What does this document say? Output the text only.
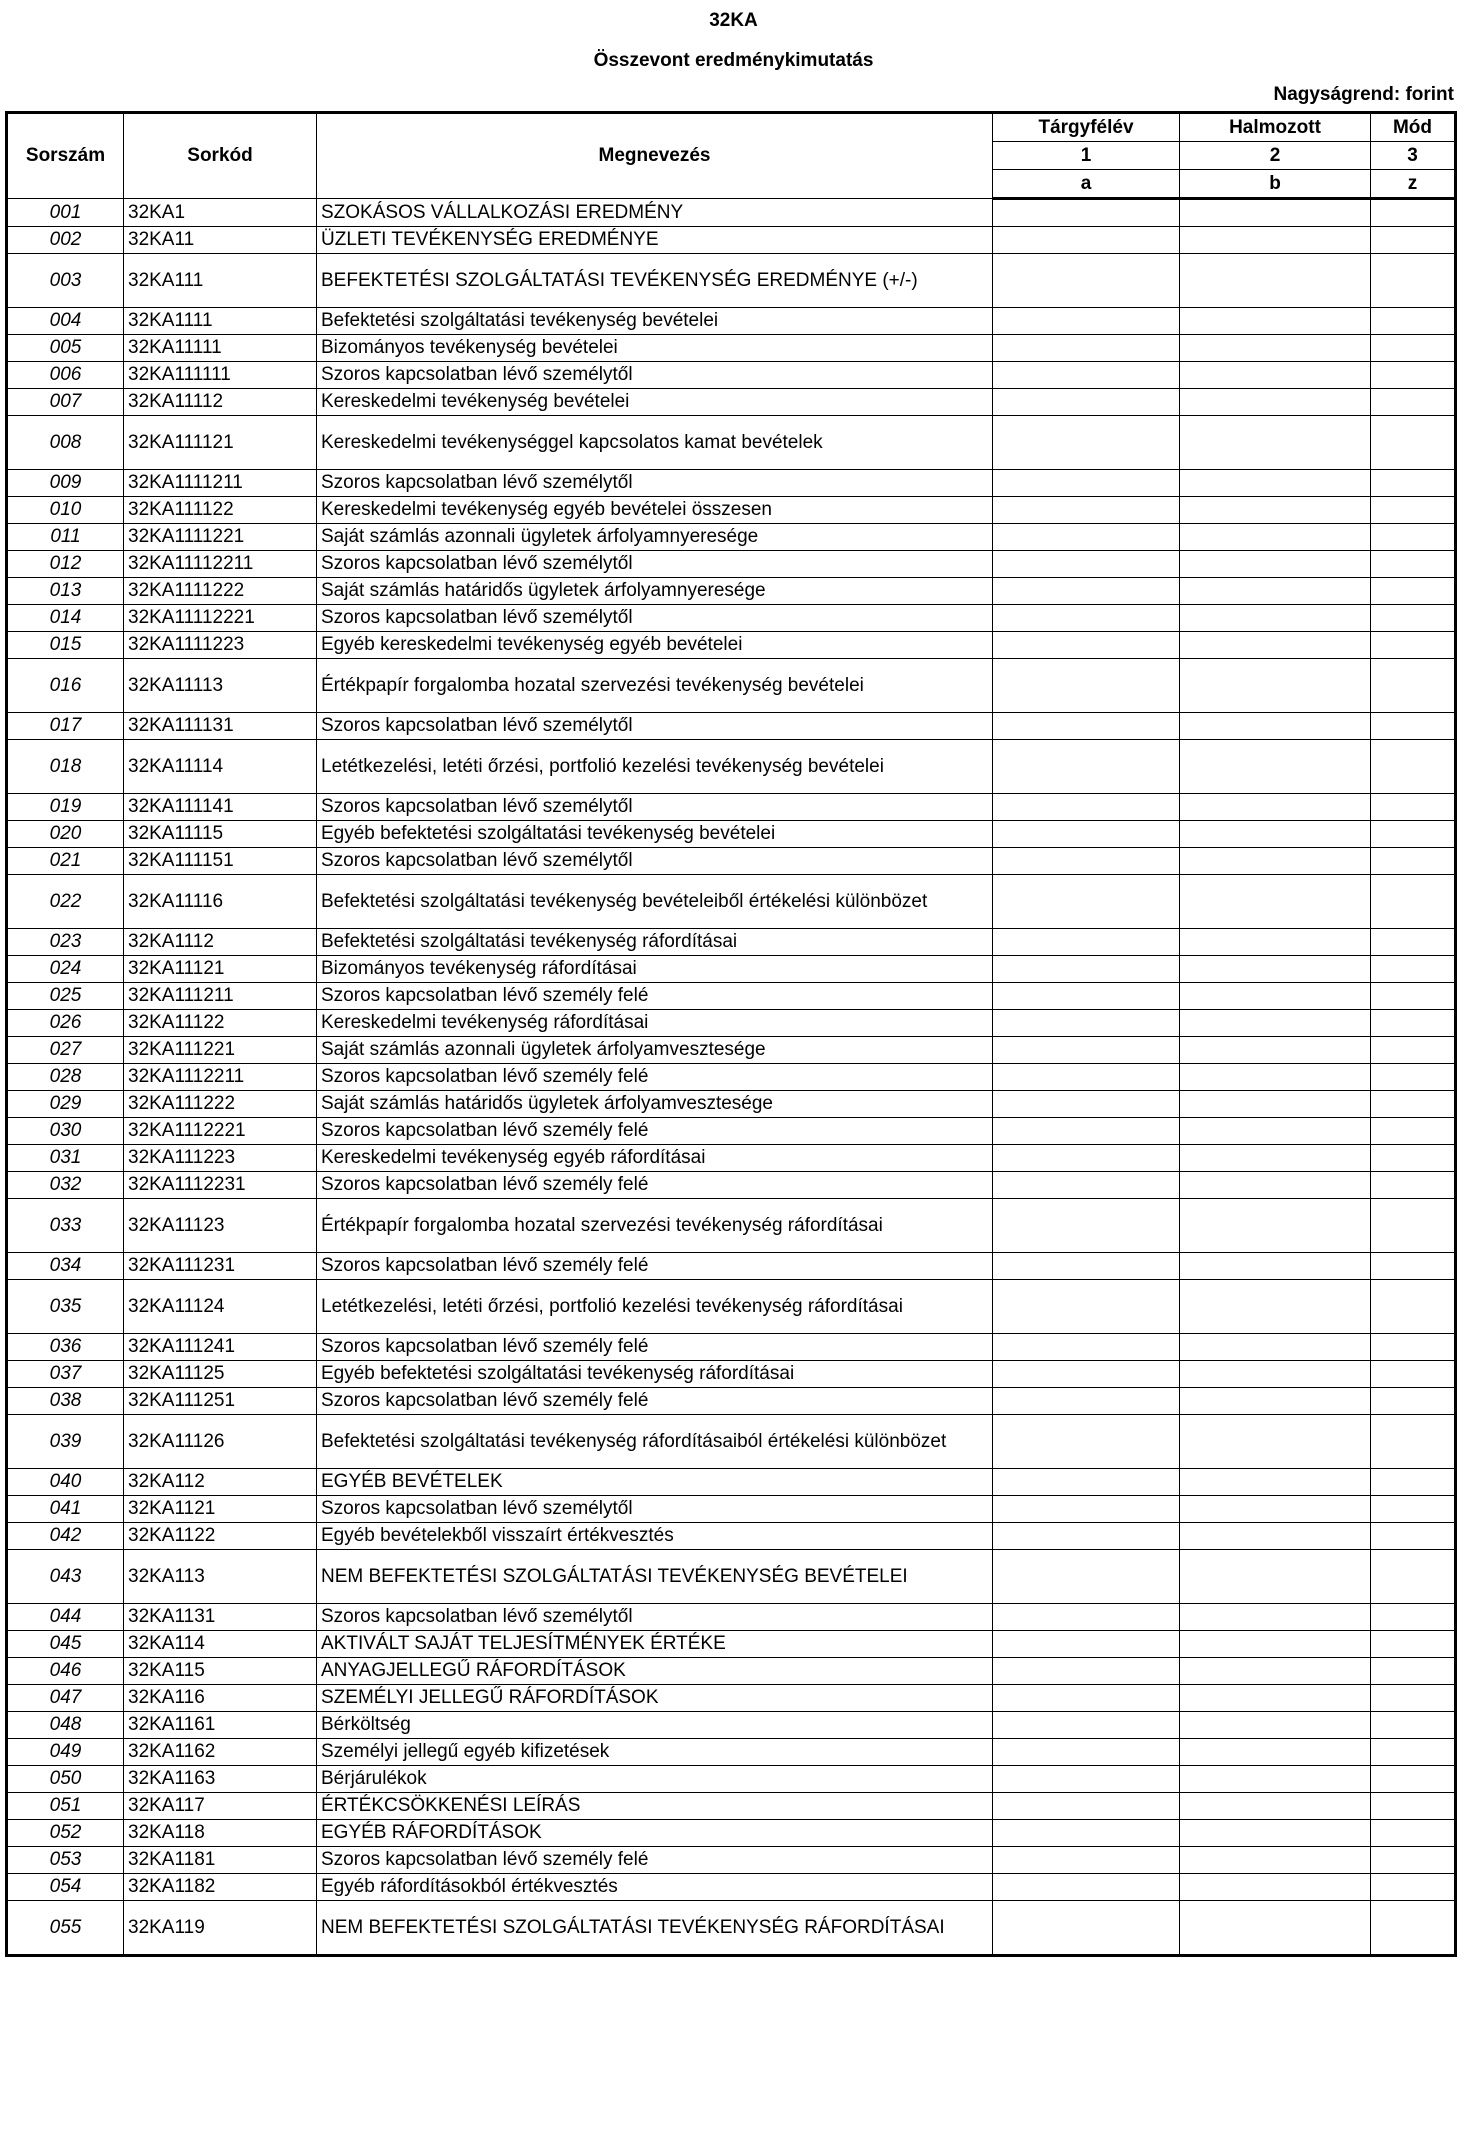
32KA
Összevont eredménykimutatás
Nagyságrend: forint
Sorszám	Sorkód	Megnevezés	Tárgyfélév	Halmozott	Mód
			1	2	3
			a	b	z
001	32KA1	SZOKÁSOS VÁLLALKOZÁSI EREDMÉNY			
002	32KA11	ÜZLETI TEVÉKENYSÉG EREDMÉNYE			
003	32KA111	BEFEKTETÉSI SZOLGÁLTATÁSI TEVÉKENYSÉG EREDMÉNYE (+/-)			
004	32KA1111	Befektetési szolgáltatási tevékenység bevételei			
005	32KA11111	Bizományos tevékenység bevételei			
006	32KA111111	Szoros kapcsolatban lévő személytől			
007	32KA11112	Kereskedelmi tevékenység bevételei			
008	32KA111121	Kereskedelmi tevékenységgel kapcsolatos kamat bevételek			
009	32KA1111211	Szoros kapcsolatban lévő személytől			
010	32KA111122	Kereskedelmi tevékenység egyéb bevételei összesen			
011	32KA1111221	Saját számlás azonnali ügyletek árfolyamnyeresége			
012	32KA11112211	Szoros kapcsolatban lévő személytől			
013	32KA1111222	Saját számlás határidős ügyletek árfolyamnyeresége			
014	32KA11112221	Szoros kapcsolatban lévő személytől			
015	32KA1111223	Egyéb kereskedelmi tevékenység egyéb bevételei			
016	32KA11113	Értékpapír forgalomba hozatal szervezési tevékenység bevételei			
017	32KA111131	Szoros kapcsolatban lévő személytől			
018	32KA11114	Letétkezelési, letéti őrzési, portfolió kezelési tevékenység bevételei			
019	32KA111141	Szoros kapcsolatban lévő személytől			
020	32KA11115	Egyéb befektetési szolgáltatási tevékenység bevételei			
021	32KA111151	Szoros kapcsolatban lévő személytől			
022	32KA11116	Befektetési szolgáltatási tevékenység bevételeiből értékelési különbözet			
023	32KA1112	Befektetési szolgáltatási tevékenység ráfordításai			
024	32KA11121	Bizományos tevékenység ráfordításai			
025	32KA111211	Szoros kapcsolatban lévő személy felé			
026	32KA11122	Kereskedelmi tevékenység ráfordításai			
027	32KA111221	Saját számlás azonnali ügyletek árfolyamvesztesége			
028	32KA1112211	Szoros kapcsolatban lévő személy felé			
029	32KA111222	Saját számlás határidős ügyletek árfolyamvesztesége			
030	32KA1112221	Szoros kapcsolatban lévő személy felé			
031	32KA111223	Kereskedelmi tevékenység egyéb ráfordításai			
032	32KA1112231	Szoros kapcsolatban lévő személy felé			
033	32KA11123	Értékpapír forgalomba hozatal szervezési tevékenység ráfordításai			
034	32KA111231	Szoros kapcsolatban lévő személy felé			
035	32KA11124	Letétkezelési, letéti őrzési, portfolió kezelési tevékenység ráfordításai			
036	32KA111241	Szoros kapcsolatban lévő személy felé			
037	32KA11125	Egyéb befektetési szolgáltatási tevékenység ráfordításai			
038	32KA111251	Szoros kapcsolatban lévő személy felé			
039	32KA11126	Befektetési szolgáltatási tevékenység ráfordításaiból értékelési különbözet			
040	32KA112	EGYÉB BEVÉTELEK			
041	32KA1121	Szoros kapcsolatban lévő személytől			
042	32KA1122	Egyéb bevételekből visszaírt értékvesztés			
043	32KA113	NEM BEFEKTETÉSI SZOLGÁLTATÁSI TEVÉKENYSÉG BEVÉTELEI			
044	32KA1131	Szoros kapcsolatban lévő személytől			
045	32KA114	AKTIVÁLT SAJÁT TELJESÍTMÉNYEK ÉRTÉKE			
046	32KA115	ANYAGJELLEGŰ RÁFORDÍTÁSOK			
047	32KA116	SZEMÉLYI JELLEGŰ RÁFORDÍTÁSOK			
048	32KA1161	Bérköltség			
049	32KA1162	Személyi jellegű egyéb kifizetések			
050	32KA1163	Bérjárulékok			
051	32KA117	ÉRTÉKCSÖKKENÉSI LEÍRÁS			
052	32KA118	EGYÉB RÁFORDÍTÁSOK			
053	32KA1181	Szoros kapcsolatban lévő személy felé			
054	32KA1182	Egyéb ráfordításokból értékvesztés			
055	32KA119	NEM BEFEKTETÉSI SZOLGÁLTATÁSI TEVÉKENYSÉG RÁFORDÍTÁSAI			
